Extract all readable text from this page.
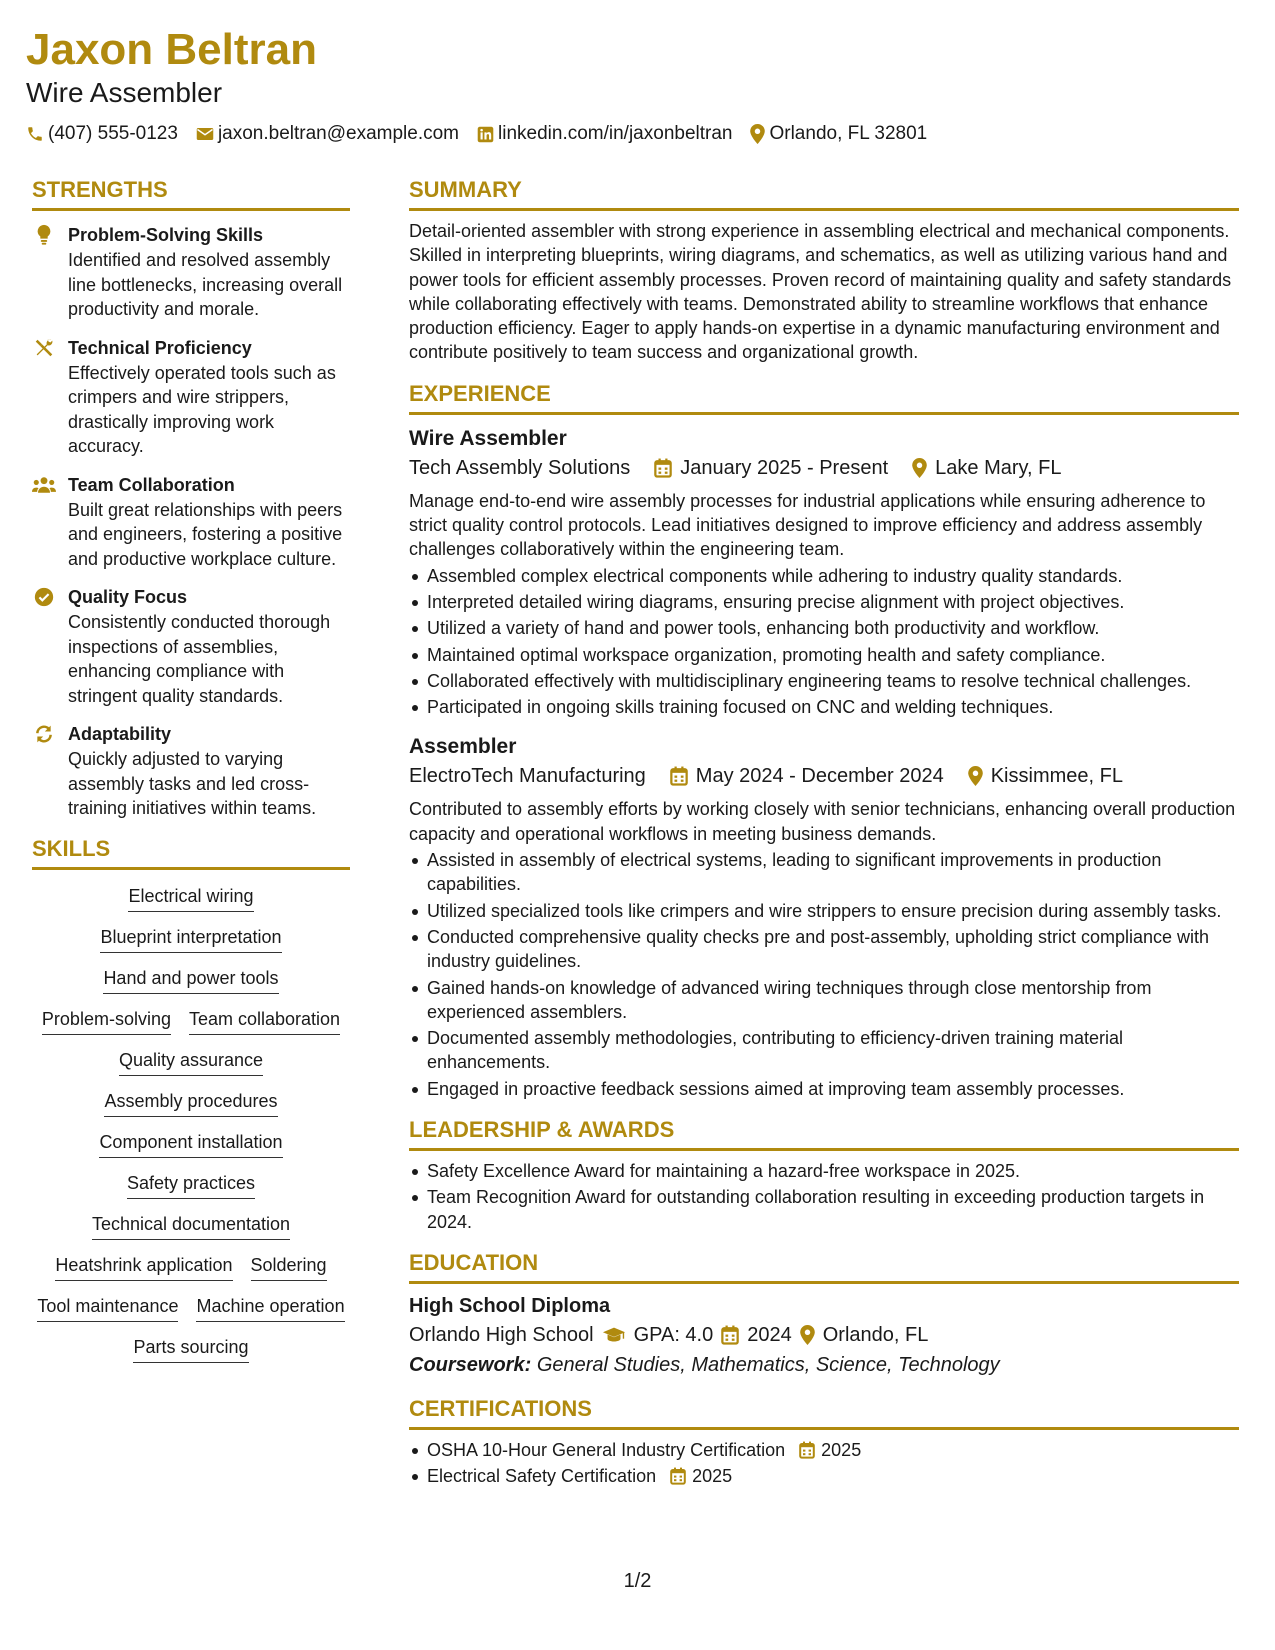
Jaxon Beltran
Wire Assembler
(407) 555-0123 jaxon.beltran@example.com linkedin.com/in/jaxonbeltran Orlando, FL 32801
STRENGTHS
Problem-Solving Skills
Identified and resolved assembly line bottlenecks, increasing overall productivity and morale.
Technical Proficiency
Effectively operated tools such as crimpers and wire strippers, drastically improving work accuracy.
Team Collaboration
Built great relationships with peers and engineers, fostering a positive and productive workplace culture.
Quality Focus
Consistently conducted thorough inspections of assemblies, enhancing compliance with stringent quality standards.
Adaptability
Quickly adjusted to varying assembly tasks and led cross-training initiatives within teams.
SKILLS
Electrical wiring
Blueprint interpretation
Hand and power tools
Problem-solving Team collaboration
Quality assurance
Assembly procedures
Component installation
Safety practices
Technical documentation
Heatshrink application Soldering
Tool maintenance Machine operation
Parts sourcing
SUMMARY
Detail-oriented assembler with strong experience in assembling electrical and mechanical components. Skilled in interpreting blueprints, wiring diagrams, and schematics, as well as utilizing various hand and power tools for efficient assembly processes. Proven record of maintaining quality and safety standards while collaborating effectively with teams. Demonstrated ability to streamline workflows that enhance production efficiency. Eager to apply hands-on expertise in a dynamic manufacturing environment and contribute positively to team success and organizational growth.
EXPERIENCE
Wire Assembler
Tech Assembly Solutions	January 2025 - Present Lake Mary, FL
Manage end-to-end wire assembly processes for industrial applications while ensuring adherence to strict quality control protocols. Lead initiatives designed to improve efficiency and address assembly challenges collaboratively within the engineering team.
Assembled complex electrical components while adhering to industry quality standards.
Interpreted detailed wiring diagrams, ensuring precise alignment with project objectives.
Utilized a variety of hand and power tools, enhancing both productivity and workflow.
Maintained optimal workspace organization, promoting health and safety compliance.
Collaborated effectively with multidisciplinary engineering teams to resolve technical challenges.
Participated in ongoing skills training focused on CNC and welding techniques.
Assembler
ElectroTech Manufacturing	May 2024 - December 2024 Kissimmee, FL
Contributed to assembly efforts by working closely with senior technicians, enhancing overall production capacity and operational workflows in meeting business demands.
Assisted in assembly of electrical systems, leading to significant improvements in production capabilities.
Utilized specialized tools like crimpers and wire strippers to ensure precision during assembly tasks.
Conducted comprehensive quality checks pre and post-assembly, upholding strict compliance with industry guidelines.
Gained hands-on knowledge of advanced wiring techniques through close mentorship from experienced assemblers.
Documented assembly methodologies, contributing to efficiency-driven training material enhancements.
Engaged in proactive feedback sessions aimed at improving team assembly processes.
LEADERSHIP & AWARDS
Safety Excellence Award for maintaining a hazard-free workspace in 2025.
Team Recognition Award for outstanding collaboration resulting in exceeding production targets in 2024.
EDUCATION
High School Diploma
Orlando High School GPA: 4.0 2024 Orlando, FL
Coursework: General Studies, Mathematics, Science, Technology
CERTIFICATIONS
OSHA 10-Hour General Industry Certification 2025
Electrical Safety Certification 2025
1/2
